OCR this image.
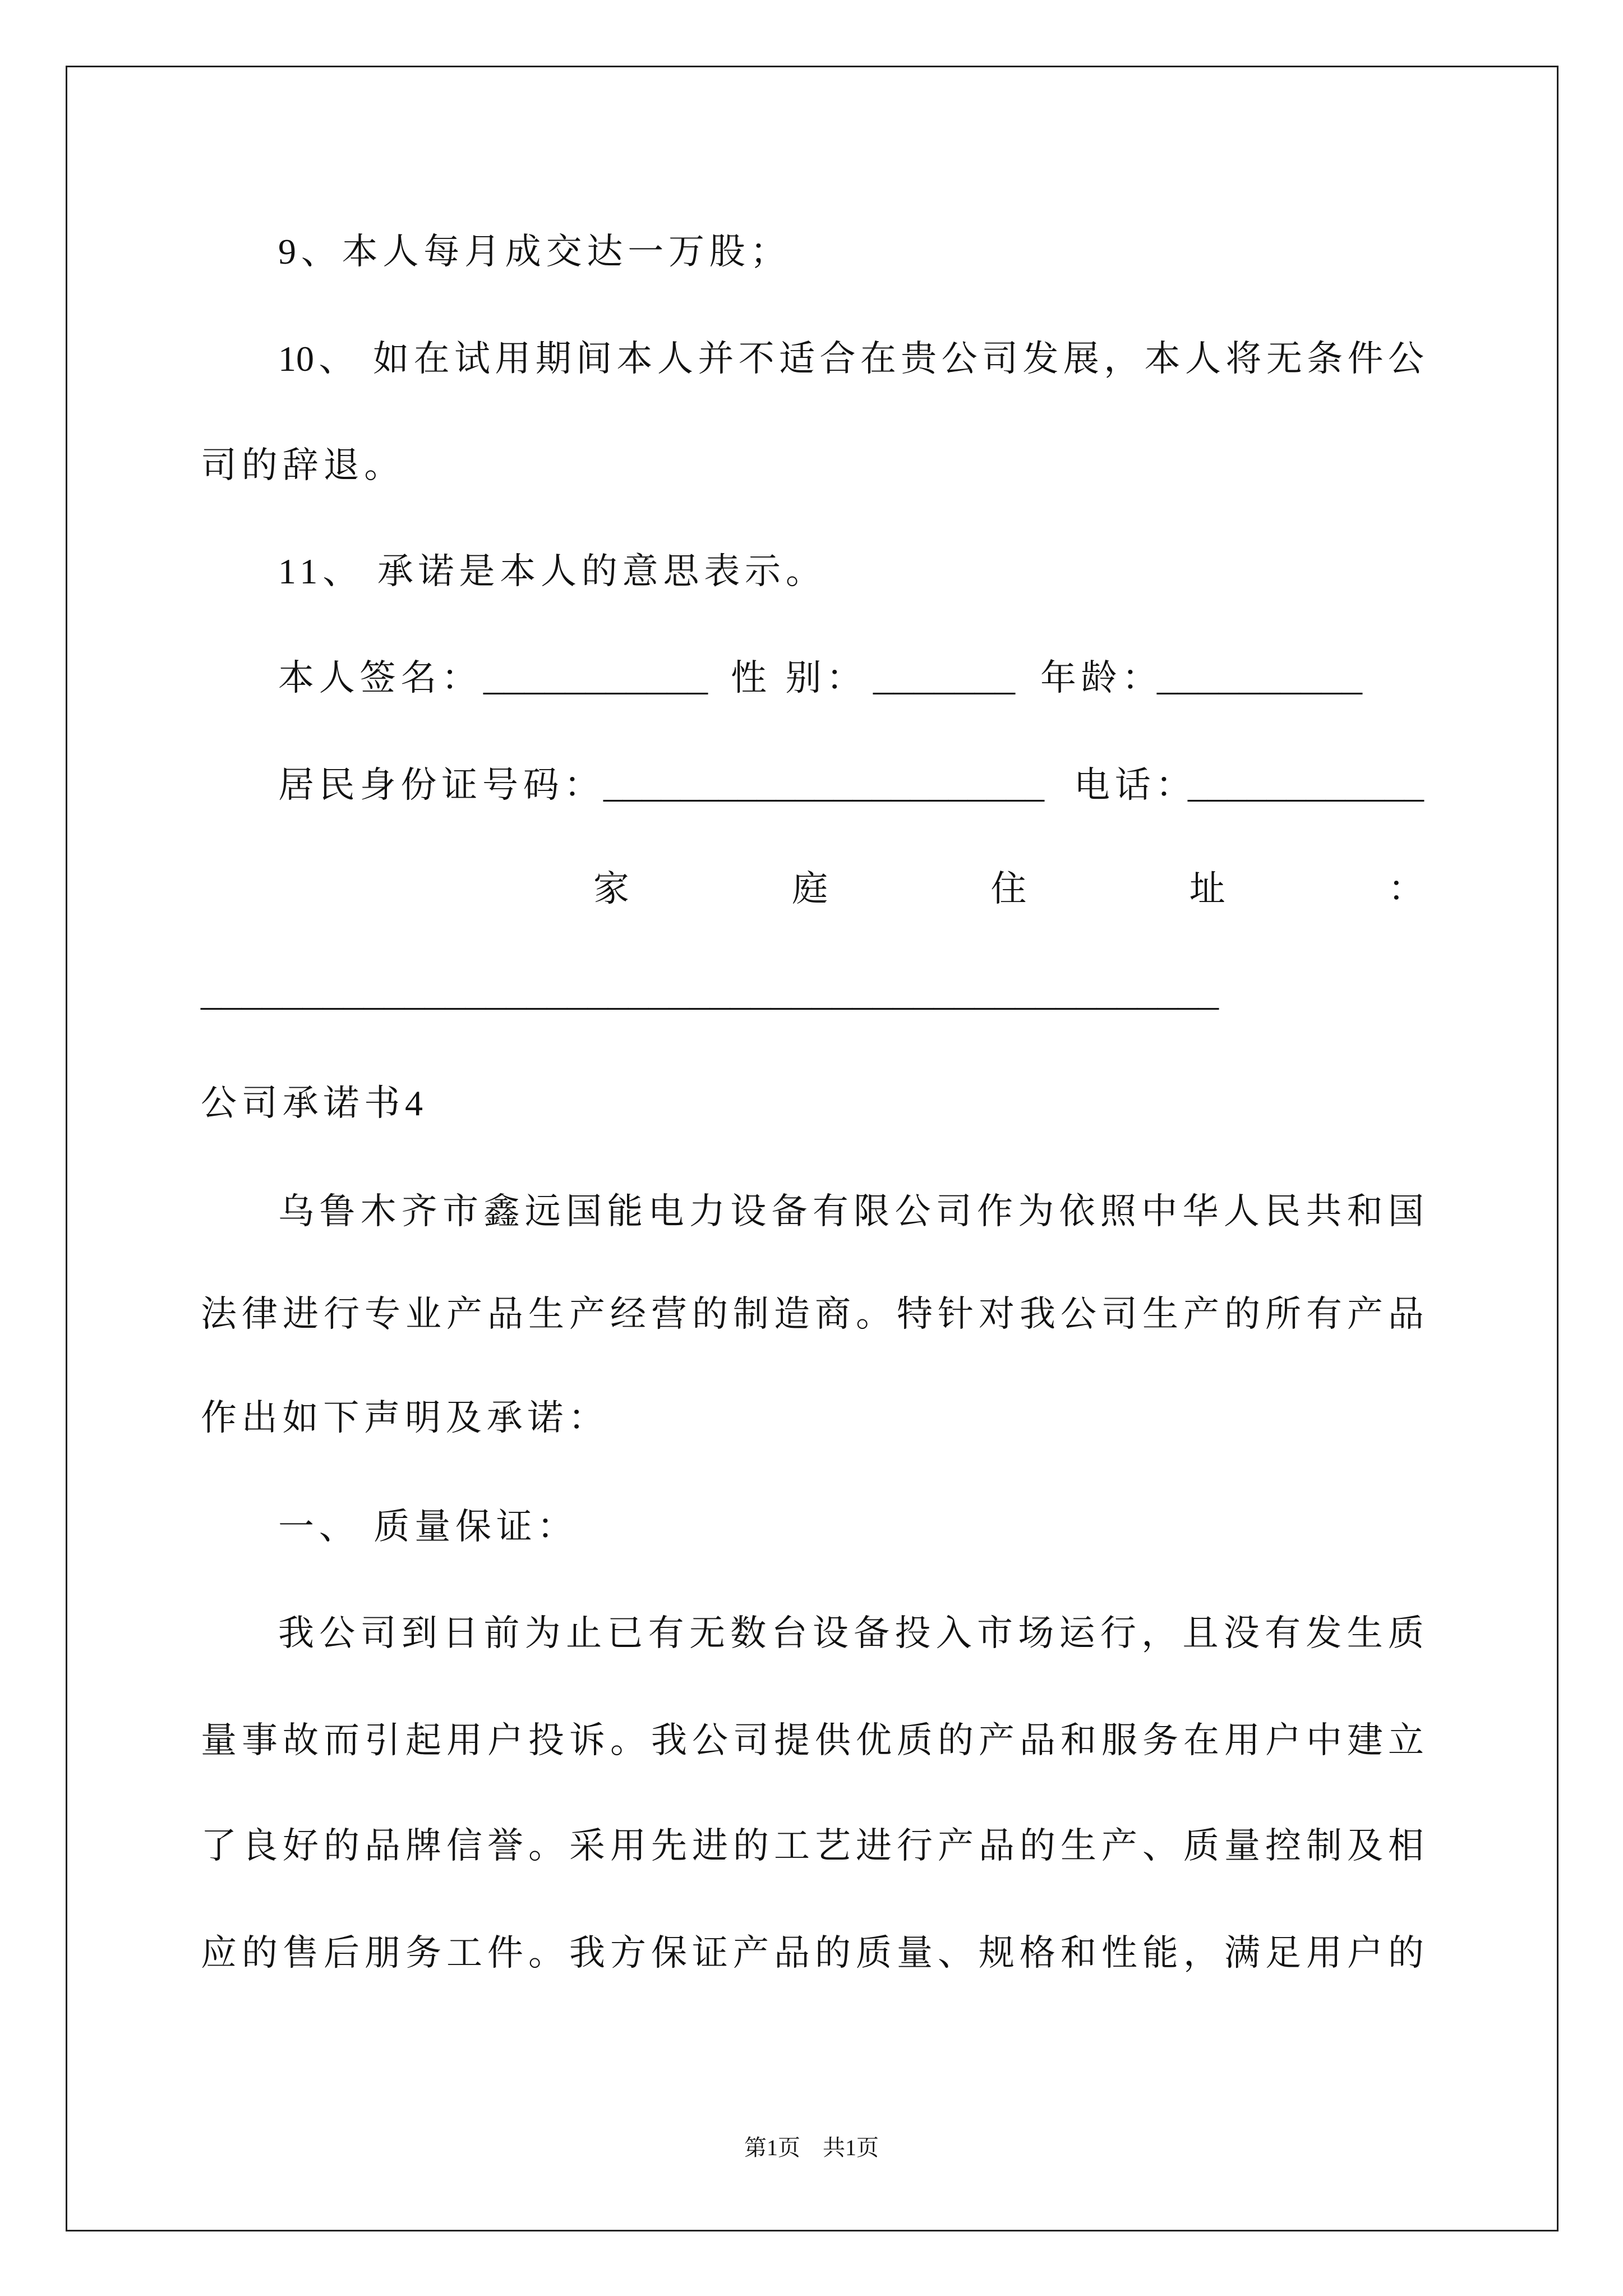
9、本人每月成交达一万股；
10、 如在试用期间本人并不适合在贵公司发展，本人将无条件公
司的辞退。
11、 承诺是本人的意思表示。
本人签名： ___________ 性 别： _______ 年龄：
__________
居民身份证号码：
_______________________ 电话：
____________
家庭住址：
__________________________________________________
公司承诺书4
乌鲁木齐市鑫远国能电力设备有限公司作为依照中华人民共和国
法律进行专业产品生产经营的制造商。特针对我公司生产的所有产品
作出如下声明及承诺：
一、 质量保证：
我公司到日前为止已有无数台设备投入市场运行，且没有发生质
量事故而引起用户投诉。我公司提供优质的产品和服务在用户中建立
了良好的品牌信誉。采用先进的工艺进行产品的生产、质量控制及相
应的售后朋务工件。我方保证产品的质量、规格和性能，满足用户的
第1页 共1页
